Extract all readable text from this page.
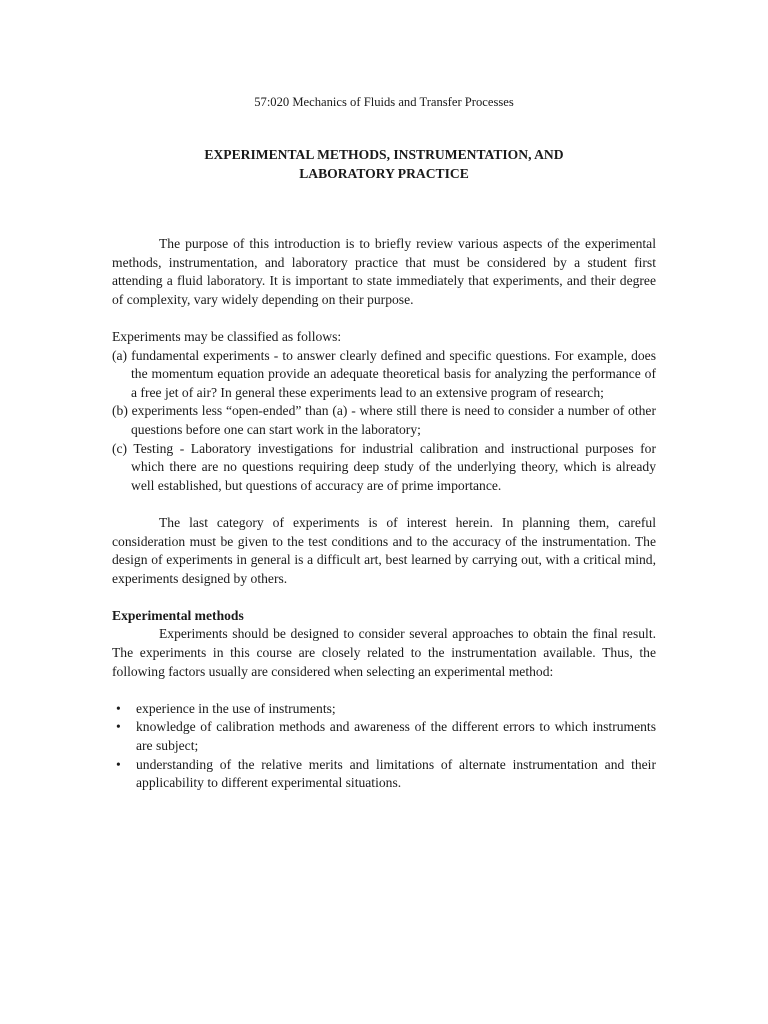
57:020 Mechanics of Fluids and Transfer Processes
EXPERIMENTAL METHODS, INSTRUMENTATION, AND
LABORATORY PRACTICE

The purpose of this introduction is to briefly review various aspects of the experimental methods, instrumentation, and laboratory practice that must be considered by a student first attending a fluid laboratory. It is important to state immediately that experiments, and their degree of complexity, vary widely depending on their purpose.

Experiments may be classified as follows:

(a) fundamental experiments - to answer clearly defined and specific questions. For example, does the momentum equation provide an adequate theoretical basis for analyzing the performance of a free jet of air? In general these experiments lead to an extensive program of research;

(b) experiments less “open-ended” than (a) - where still there is need to consider a number of other questions before one can start work in the laboratory;

(c) Testing - Laboratory investigations for industrial calibration and instructional purposes for which there are no questions requiring deep study of the underlying theory, which is already well established, but questions of accuracy are of prime importance.

The last category of experiments is of interest herein. In planning them, careful consideration must be given to the test conditions and to the accuracy of the instrumentation. The design of experiments in general is a difficult art, best learned by carrying out, with a critical mind, experiments designed by others.

Experimental methods

Experiments should be designed to consider several approaches to obtain the final result. The experiments in this course are closely related to the instrumentation available. Thus, the following factors usually are considered when selecting an experimental method:

• experience in the use of instruments;
• knowledge of calibration methods and awareness of the different errors to which instruments are subject;
• understanding of the relative merits and limitations of alternate instrumentation and their applicability to different experimental situations.
